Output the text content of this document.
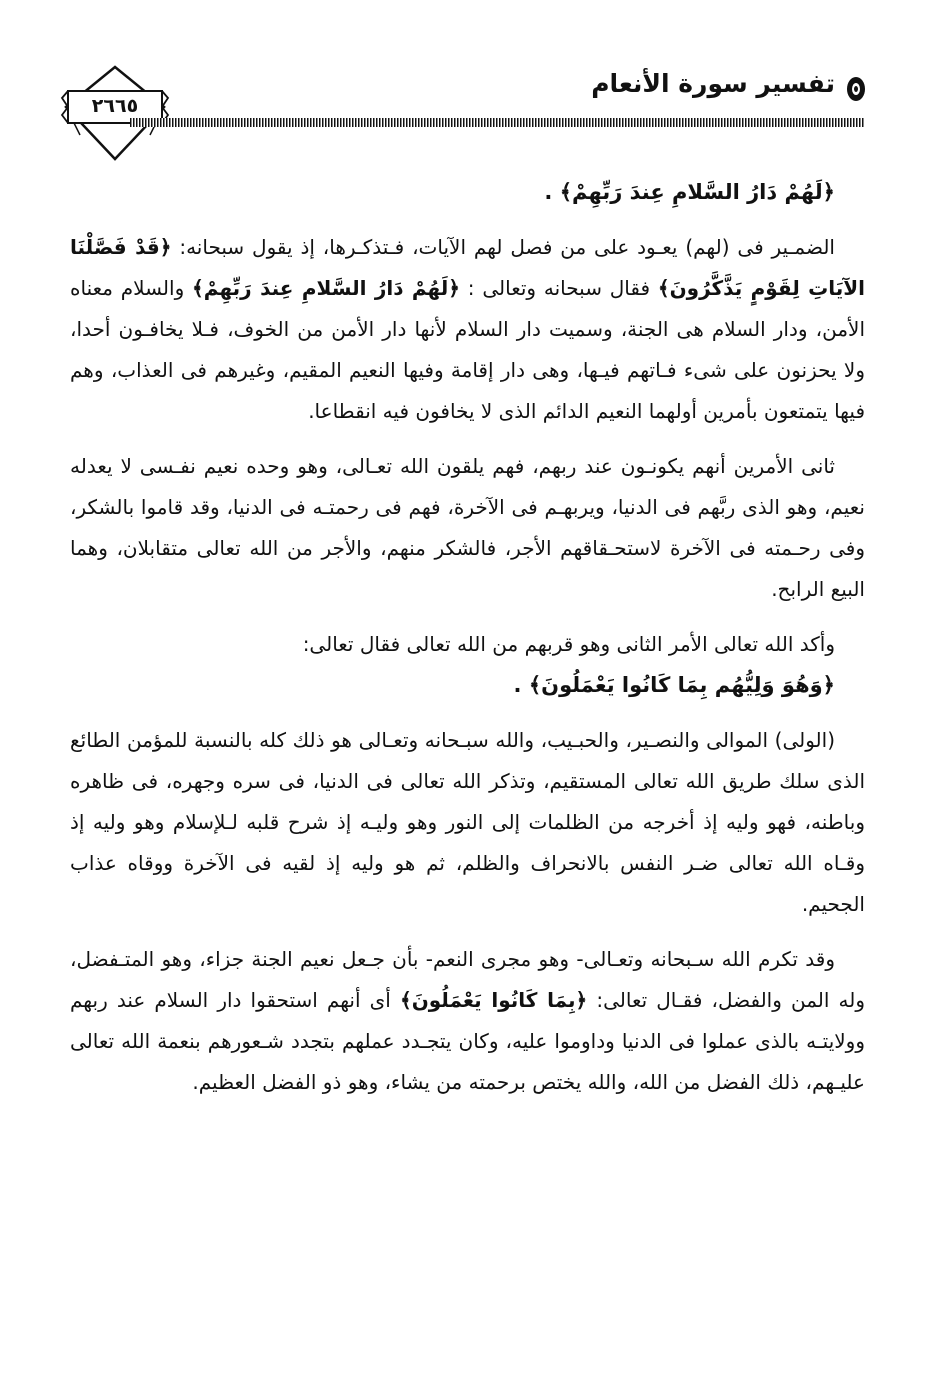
٢٦٦٥
تفسير سورة الأنعام

﴿لَهُمْ دَارُ السَّلامِ عِندَ رَبِّهِمْ﴾ .

الضمـير فى (لهم) يعـود على من فصل لهم الآيات، فـتذكـرها، إذ يقول سبحانه: ﴿قَدْ فَصَّلْنَا الآيَاتِ لِقَوْمٍ يَذَّكَّرُونَ﴾ فقال سبحانه وتعالى : ﴿لَهُمْ دَارُ السَّلامِ عِندَ رَبِّهِمْ﴾ والسلام معناه الأمن، ودار السلام هى الجنة، وسميت دار السلام لأنها دار الأمن من الخوف، فـلا يخافـون أحدا، ولا يحزنون على شىء فـاتهم فيـها، وهى دار إقامة وفيها النعيم المقيم، وغيرهم فى العذاب، وهم فيها يتمتعون بأمرين أولهما النعيم الدائم الذى لا يخافون فيه انقطاعا.

ثانى الأمرين أنهم يكونـون عند ربهم، فهم يلقون الله تعـالى، وهو وحده نعيم نفـسى لا يعدله نعيم، وهو الذى ربَّهم فى الدنيا، ويربهـم فى الآخرة، فهم فى رحمتـه فى الدنيا، وقد قاموا بالشكر، وفى رحـمته فى الآخرة لاستحـقاقهم الأجر، فالشكر منهم، والأجر من الله تعالى متقابلان، وهما البيع الرابح.

وأكد الله تعالى الأمر الثانى وهو قربهم من الله تعالى فقال تعالى:

﴿وَهُوَ وَلِيُّهُم بِمَا كَانُوا يَعْمَلُونَ﴾ .

(الولى) الموالى والنصـير، والحبـيب، والله سبـحانه وتعـالى هو ذلك كله بالنسبة للمؤمن الطائع الذى سلك طريق الله تعالى المستقيم، وتذكر الله تعالى فى الدنيا، فى سره وجهره، فى ظاهره وباطنه، فهو وليه إذ أخرجه من الظلمات إلى النور وهو وليـه إذ شرح قلبه لـلإسلام وهو وليه إذ وقـاه الله تعالى ضـر النفس بالانحراف والظلم، ثم هو وليه إذ لقيه فى الآخرة ووقاه عذاب الجحيم.

وقد تكرم الله سـبحانه وتعـالى- وهو مجرى النعم- بأن جـعل نعيم الجنة جزاء، وهو المتـفضل، وله المن والفضل، فقـال تعالى: ﴿بِمَا كَانُوا يَعْمَلُونَ﴾ أى أنهم استحقوا دار السلام عند ربهم وولايتـه بالذى عملوا فى الدنيا وداوموا عليه، وكان يتجـدد عملهم بتجدد شـعورهم بنعمة الله تعالى عليـهم، ذلك الفضل من الله، والله يختص برحمته من يشاء، وهو ذو الفضل العظيم.
